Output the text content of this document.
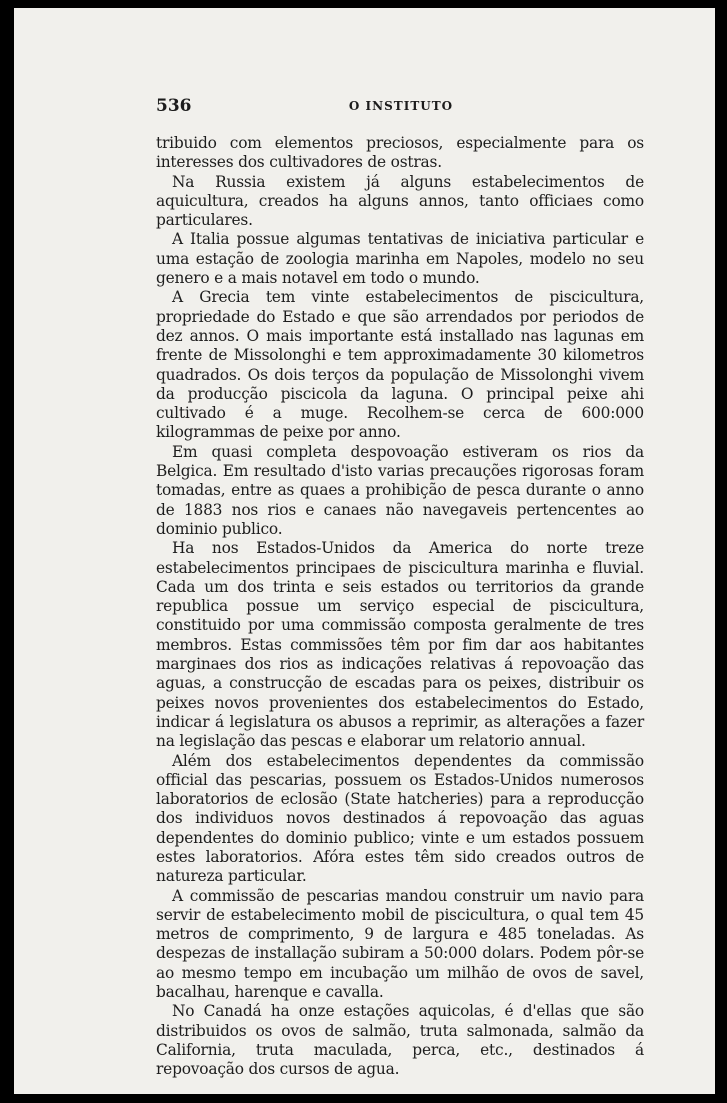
536	O INSTITUTO

tribuido com elementos preciosos, especialmente para os interesses dos cultivadores de ostras.

Na Russia existem já alguns estabelecimentos de aquicultura, creados ha alguns annos, tanto officiaes como particulares.

A Italia possue algumas tentativas de iniciativa particular e uma estação de zoologia marinha em Napoles, modelo no seu genero e a mais notavel em todo o mundo.

A Grecia tem vinte estabelecimentos de piscicultura, propriedade do Estado e que são arrendados por periodos de dez annos. O mais importante está installado nas lagunas em frente de Missolonghi e tem approximadamente 30 kilometros quadrados. Os dois terços da população de Missolonghi vivem da producção piscicola da laguna. O principal peixe ahi cultivado é a muge. Recolhem-se cerca de 600:000 kilogrammas de peixe por anno.

Em quasi completa despovoação estiveram os rios da Belgica. Em resultado d'isto varias precauções rigorosas foram tomadas, entre as quaes a prohibição de pesca durante o anno de 1883 nos rios e canaes não navegaveis pertencentes ao dominio publico.

Ha nos Estados-Unidos da America do norte treze estabelecimentos principaes de piscicultura marinha e fluvial. Cada um dos trinta e seis estados ou territorios da grande republica possue um serviço especial de piscicultura, constituido por uma commissão composta geralmente de tres membros. Estas commissões têm por fim dar aos habitantes marginaes dos rios as indicações relativas á repovoação das aguas, a construcção de escadas para os peixes, distribuir os peixes novos provenientes dos estabelecimentos do Estado, indicar á legislatura os abusos a reprimir, as alterações a fazer na legislação das pescas e elaborar um relatorio annual.

Além dos estabelecimentos dependentes da commissão official das pescarias, possuem os Estados-Unidos numerosos laboratorios de eclosão (State hatcheries) para a reproducção dos individuos novos destinados á repovoação das aguas dependentes do dominio publico; vinte e um estados possuem estes laboratorios. Afóra estes têm sido creados outros de natureza particular.

A commissão de pescarias mandou construir um navio para servir de estabelecimento mobil de piscicultura, o qual tem 45 metros de comprimento, 9 de largura e 485 toneladas. As despezas de installação subiram a 50:000 dolars. Podem pôr-se ao mesmo tempo em incubação um milhão de ovos de savel, bacalhau, harenque e cavalla.

No Canadá ha onze estações aquicolas, é d'ellas que são distribuidos os ovos de salmão, truta salmonada, salmão da California, truta maculada, perca, etc., destinados á repovoação dos cursos de agua.
